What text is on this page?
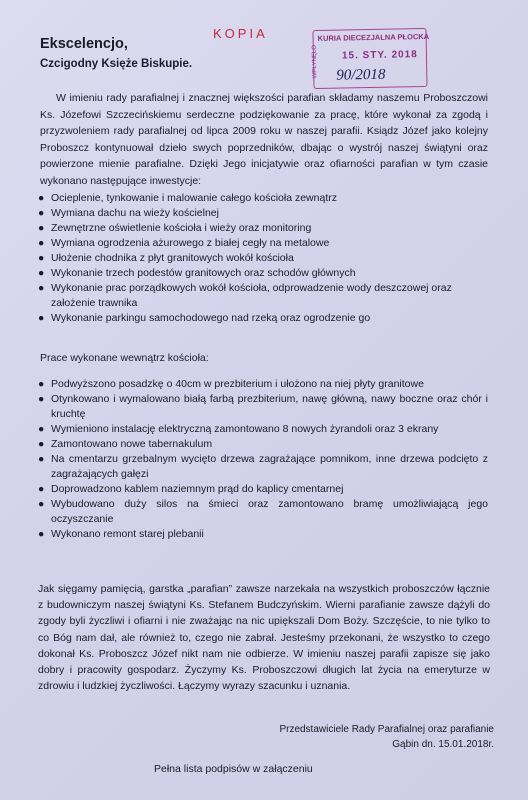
KOPIA	KURIA DIECEZJALNA PŁOCKA
WPŁYNĘŁO 15. STY. 2018
90/2018
Ekscelencjo,
Czcigodny Księże Biskupie.
W imieniu rady parafialnej i znacznej większości parafian składamy naszemu Proboszczowi Ks. Józefowi Szczecińskiemu serdeczne podziękowanie za pracę, które wykonał za zgodą i przyzwoleniem rady parafialnej od lipca 2009 roku w naszej parafii. Ksiądz Józef jako kolejny Proboszcz kontynuował dzieło swych poprzedników, dbając o wystrój naszej świątyni oraz powierzone mienie parafialne. Dzięki Jego inicjatywie oraz ofiarności parafian w tym czasie wykonano następujące inwestycje:
● Ocieplenie, tynkowanie i malowanie całego kościoła zewnątrz
● Wymiana dachu na wieży kościelnej
● Zewnętrzne oświetlenie kościoła i wieży oraz monitoring
● Wymiana ogrodzenia ażurowego z białej cegły na metalowe
● Ułożenie chodnika z płyt granitowych wokół kościoła
● Wykonanie trzech podestów granitowych oraz schodów głównych
● Wykonanie prac porządkowych wokół kościoła, odprowadzenie wody deszczowej oraz założenie trawnika
● Wykonanie parkingu samochodowego nad rzeką oraz ogrodzenie go
Prace wykonane wewnątrz kościoła:
● Podwyższono posadzkę o 40cm w prezbiterium i ułożono na niej płyty granitowe
● Otynkowano i wymalowano białą farbą prezbiterium, nawę główną, nawy boczne oraz chór i kruchtę
● Wymieniono instalację elektryczną zamontowano 8 nowych żyrandoli oraz 3 ekrany
● Zamontowano nowe tabernakulum
● Na cmentarzu grzebalnym wycięto drzewa zagrażające pomnikom, inne drzewa podcięto z zagrażających gałęzi
● Doprowadzono kablem naziemnym prąd do kaplicy cmentarnej
● Wybudowano duży silos na śmieci oraz zamontowano bramę umożliwiającą jego oczyszczanie
● Wykonano remont starej plebanii
Jak sięgamy pamięcią, garstka „parafian” zawsze narzekała na wszystkich proboszczów łącznie z budowniczym naszej świątyni Ks. Stefanem Budczyńskim. Wierni parafianie zawsze dążyli do zgody byli życzliwi i ofiarni i nie zważając na nic upiększali Dom Boży. Szczęście, to nie tylko to co Bóg nam dał, ale również to, czego nie zabrał. Jesteśmy przekonani, że wszystko to czego dokonał Ks. Proboszcz Józef nikt nam nie odbierze. W imieniu naszej parafii zapisze się jako dobry i pracowity gospodarz. Życzymy Ks. Proboszczowi długich lat życia na emeryturze w zdrowiu i ludzkiej życzliwości. Łączymy wyrazy szacunku i uznania.
Przedstawiciele Rady Parafialnej oraz parafianie
Gąbin dn. 15.01.2018r.
Pełna lista podpisów w załączeniu
